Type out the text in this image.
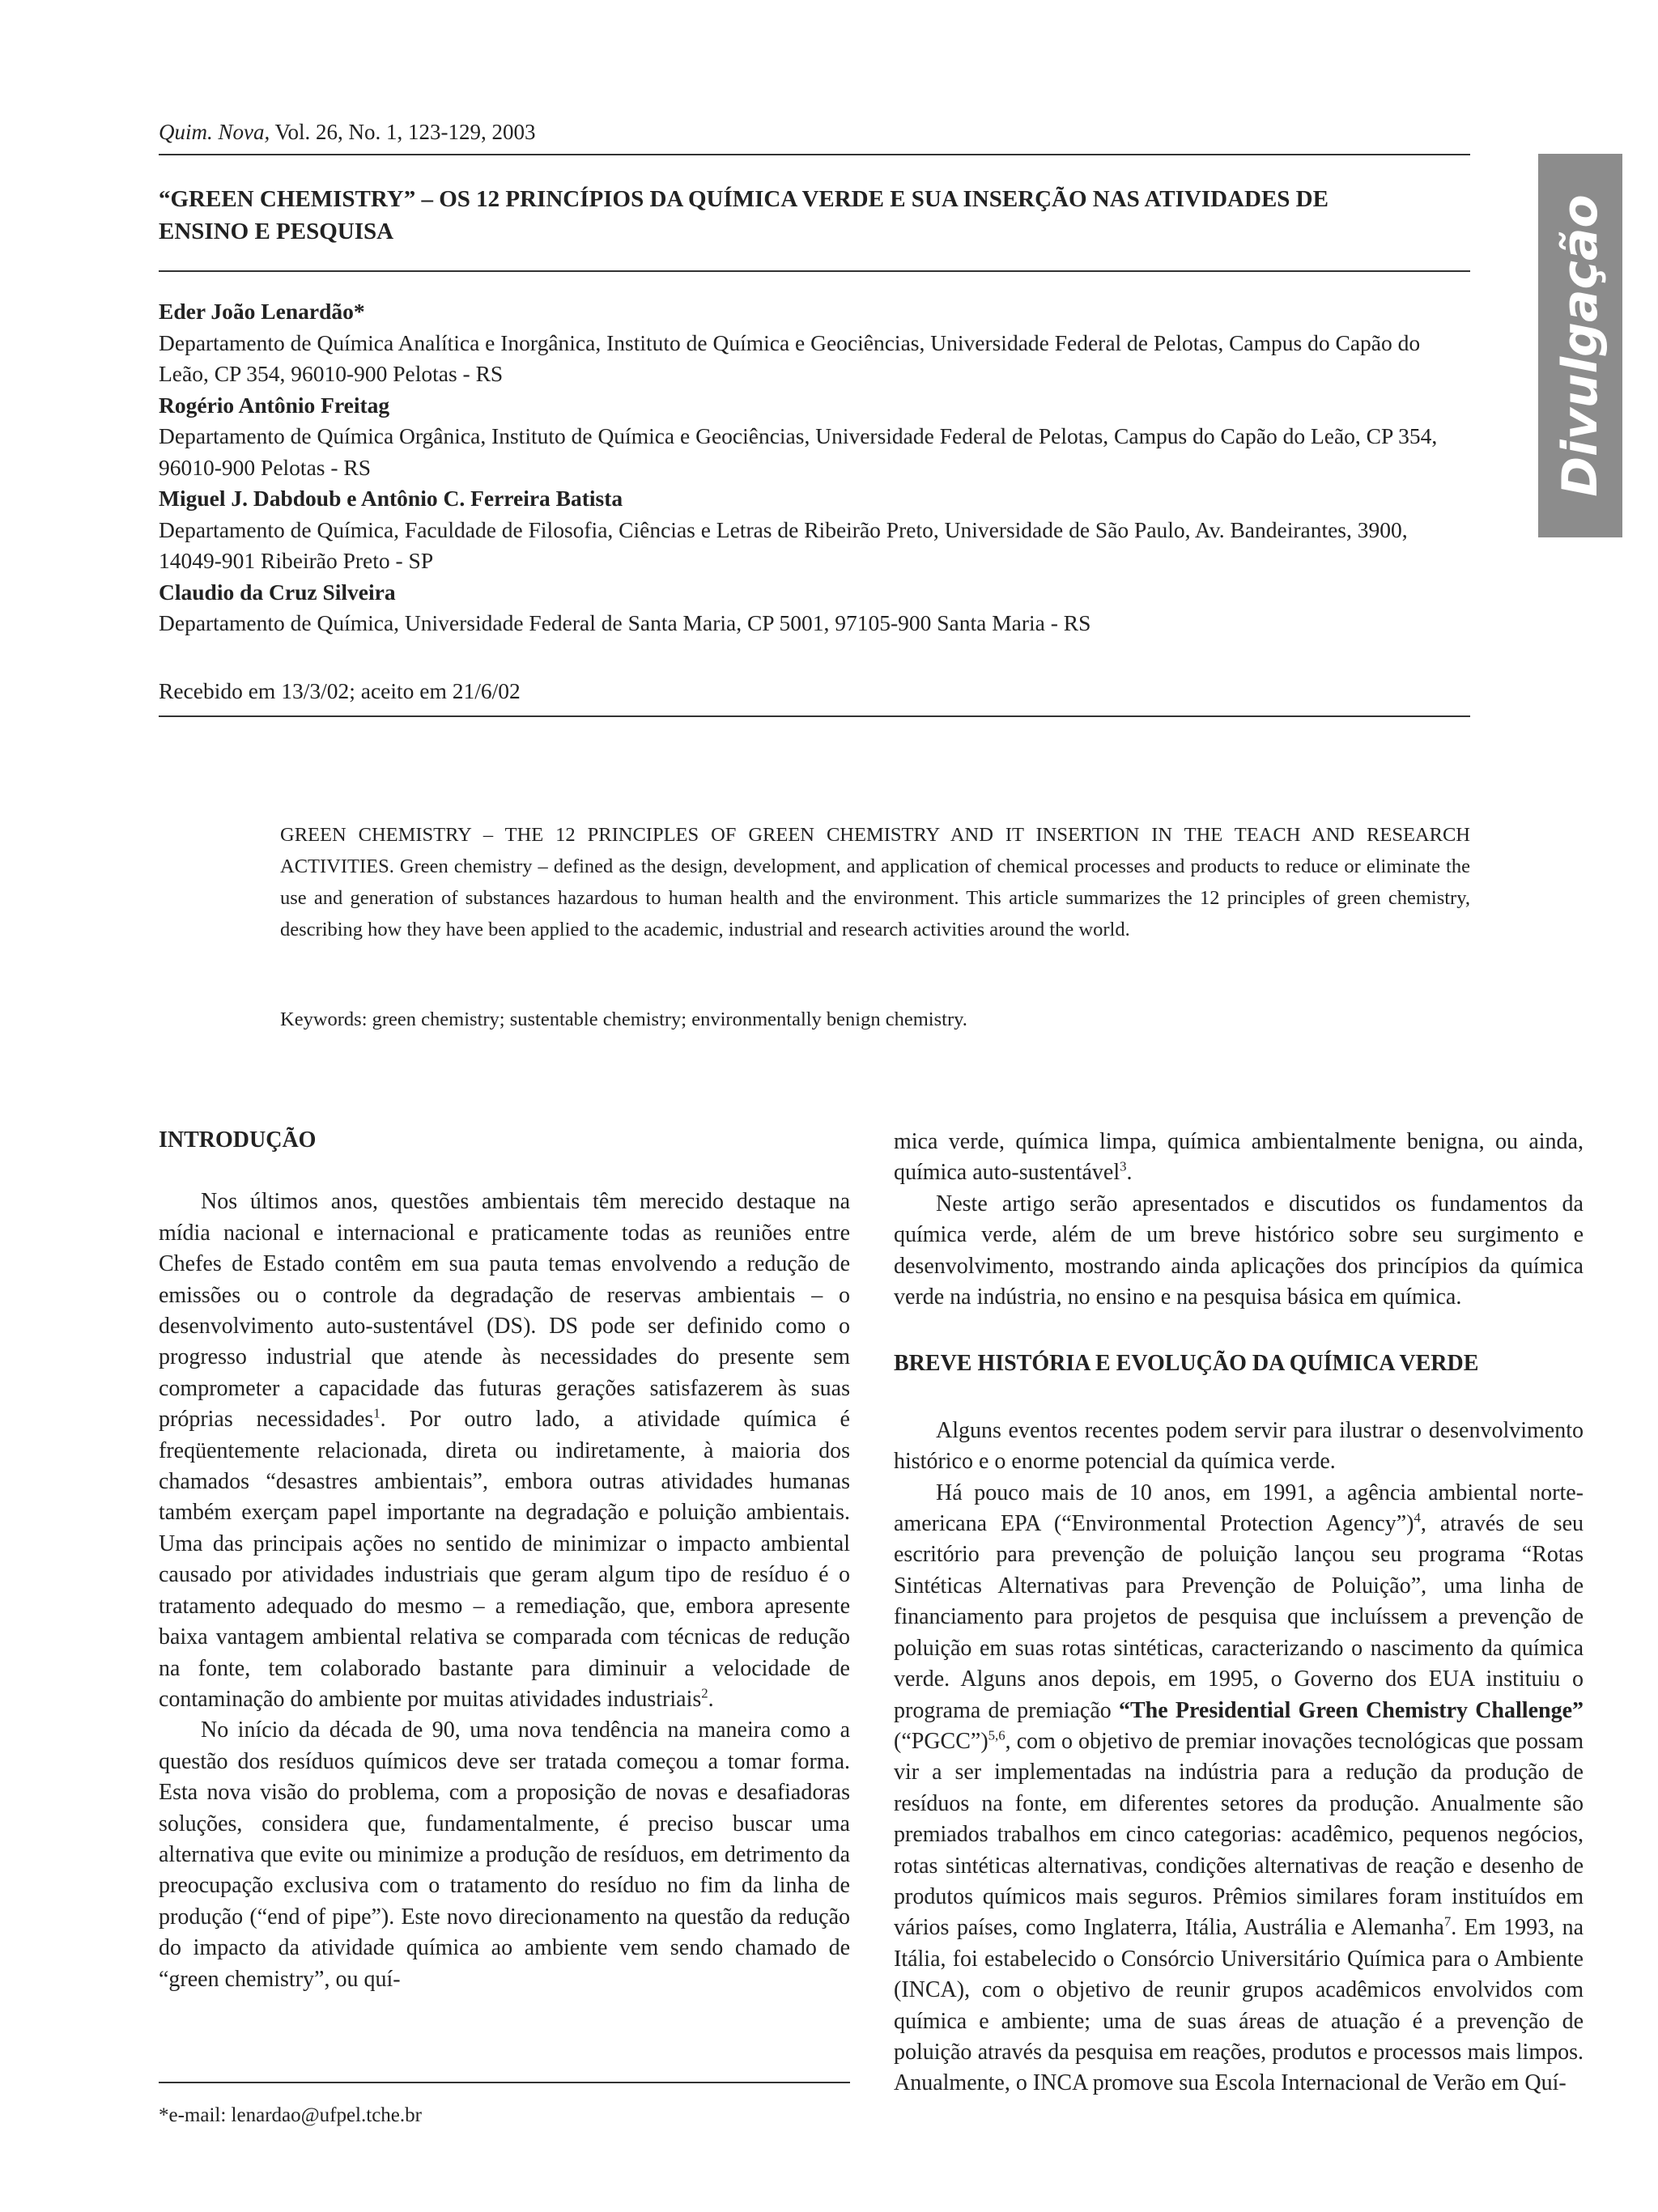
Quim. Nova, Vol. 26, No. 1, 123-129, 2003
“GREEN CHEMISTRY” – OS 12 PRINCÍPIOS DA QUÍMICA VERDE E SUA INSERÇÃO NAS ATIVIDADES DE
ENSINO E PESQUISA	Divulgação
Eder João Lenardão*
Departamento de Química Analítica e Inorgânica, Instituto de Química e Geociências, Universidade Federal de Pelotas, Campus do Capão do Leão, CP 354, 96010-900 Pelotas - RS
Rogério Antônio Freitag
Departamento de Química Orgânica, Instituto de Química e Geociências, Universidade Federal de Pelotas, Campus do Capão do Leão, CP 354, 96010-900 Pelotas - RS
Miguel J. Dabdoub e Antônio C. Ferreira Batista
Departamento de Química, Faculdade de Filosofia, Ciências e Letras de Ribeirão Preto, Universidade de São Paulo, Av. Bandeirantes, 3900, 14049-901 Ribeirão Preto - SP
Claudio da Cruz Silveira
Departamento de Química, Universidade Federal de Santa Maria, CP 5001, 97105-900 Santa Maria - RS
Recebido em 13/3/02; aceito em 21/6/02
GREEN CHEMISTRY – THE 12 PRINCIPLES OF GREEN CHEMISTRY AND IT INSERTION IN THE TEACH AND RESEARCH ACTIVITIES. Green chemistry – defined as the design, development, and application of chemical processes and products to reduce or eliminate the use and generation of substances hazardous to human health and the environment. This article summarizes the 12 principles of green chemistry, describing how they have been applied to the academic, industrial and research activities around the world.
Keywords: green chemistry; sustentable chemistry; environmentally benign chemistry.
INTRODUÇÃO

Nos últimos anos, questões ambientais têm merecido destaque na mídia nacional e internacional e praticamente todas as reuniões entre Chefes de Estado contêm em sua pauta temas envolvendo a redução de emissões ou o controle da degradação de reservas ambientais – o desenvolvimento auto-sustentável (DS). DS pode ser definido como o progresso industrial que atende às necessidades do presente sem comprometer a capacidade das futuras gerações satisfazerem às suas próprias necessidades$^1$. Por outro lado, a atividade química é freqüentemente relacionada, direta ou indiretamente, à maioria dos chamados “desastres ambientais”, embora outras atividades humanas também exerçam papel importante na degradação e poluição ambientais. Uma das principais ações no sentido de minimizar o impacto ambiental causado por atividades industriais que geram algum tipo de resíduo é o tratamento adequado do mesmo – a remediação, que, embora apresente baixa vantagem ambiental relativa se comparada com técnicas de redução na fonte, tem colaborado bastante para diminuir a velocidade de contaminação do ambiente por muitas atividades industriais$^2$.

No início da década de 90, uma nova tendência na maneira como a questão dos resíduos químicos deve ser tratada começou a tomar forma. Esta nova visão do problema, com a proposição de novas e desafiadoras soluções, considera que, fundamentalmente, é preciso buscar uma alternativa que evite ou minimize a produção de resíduos, em detrimento da preocupação exclusiva com o tratamento do resíduo no fim da linha de produção (“end of pipe”). Este novo direcionamento na questão da redução do impacto da atividade química ao ambiente vem sendo chamado de “green chemistry”, ou quí-

mica verde, química limpa, química ambientalmente benigna, ou ainda, química auto-sustentável$^3$.

Neste artigo serão apresentados e discutidos os fundamentos da química verde, além de um breve histórico sobre seu surgimento e desenvolvimento, mostrando ainda aplicações dos princípios da química verde na indústria, no ensino e na pesquisa básica em química.

BREVE HISTÓRIA E EVOLUÇÃO DA QUÍMICA VERDE

Alguns eventos recentes podem servir para ilustrar o desenvolvimento histórico e o enorme potencial da química verde.

Há pouco mais de 10 anos, em 1991, a agência ambiental norte-americana EPA (“Environmental Protection Agency”)$^4$, através de seu escritório para prevenção de poluição lançou seu programa “Rotas Sintéticas Alternativas para Prevenção de Poluição”, uma linha de financiamento para projetos de pesquisa que incluíssem a prevenção de poluição em suas rotas sintéticas, caracterizando o nascimento da química verde. Alguns anos depois, em 1995, o Governo dos EUA instituiu o programa de premiação “The Presidential Green Chemistry Challenge” (“PGCC”)$^{5,6}$, com o objetivo de premiar inovações tecnológicas que possam vir a ser implementadas na indústria para a redução da produção de resíduos na fonte, em diferentes setores da produção. Anualmente são premiados trabalhos em cinco categorias: acadêmico, pequenos negócios, rotas sintéticas alternativas, condições alternativas de reação e desenho de produtos químicos mais seguros. Prêmios similares foram instituídos em vários países, como Inglaterra, Itália, Austrália e Alemanha$^7$. Em 1993, na Itália, foi estabelecido o Consórcio Universitário Química para o Ambiente (INCA), com o objetivo de reunir grupos acadêmicos envolvidos com química e ambiente; uma de suas áreas de atuação é a prevenção de poluição através da pesquisa em reações, produtos e processos mais limpos. Anualmente, o INCA promove sua Escola Internacional de Verão em Quí-

*e-mail: lenardao@ufpel.tche.br
